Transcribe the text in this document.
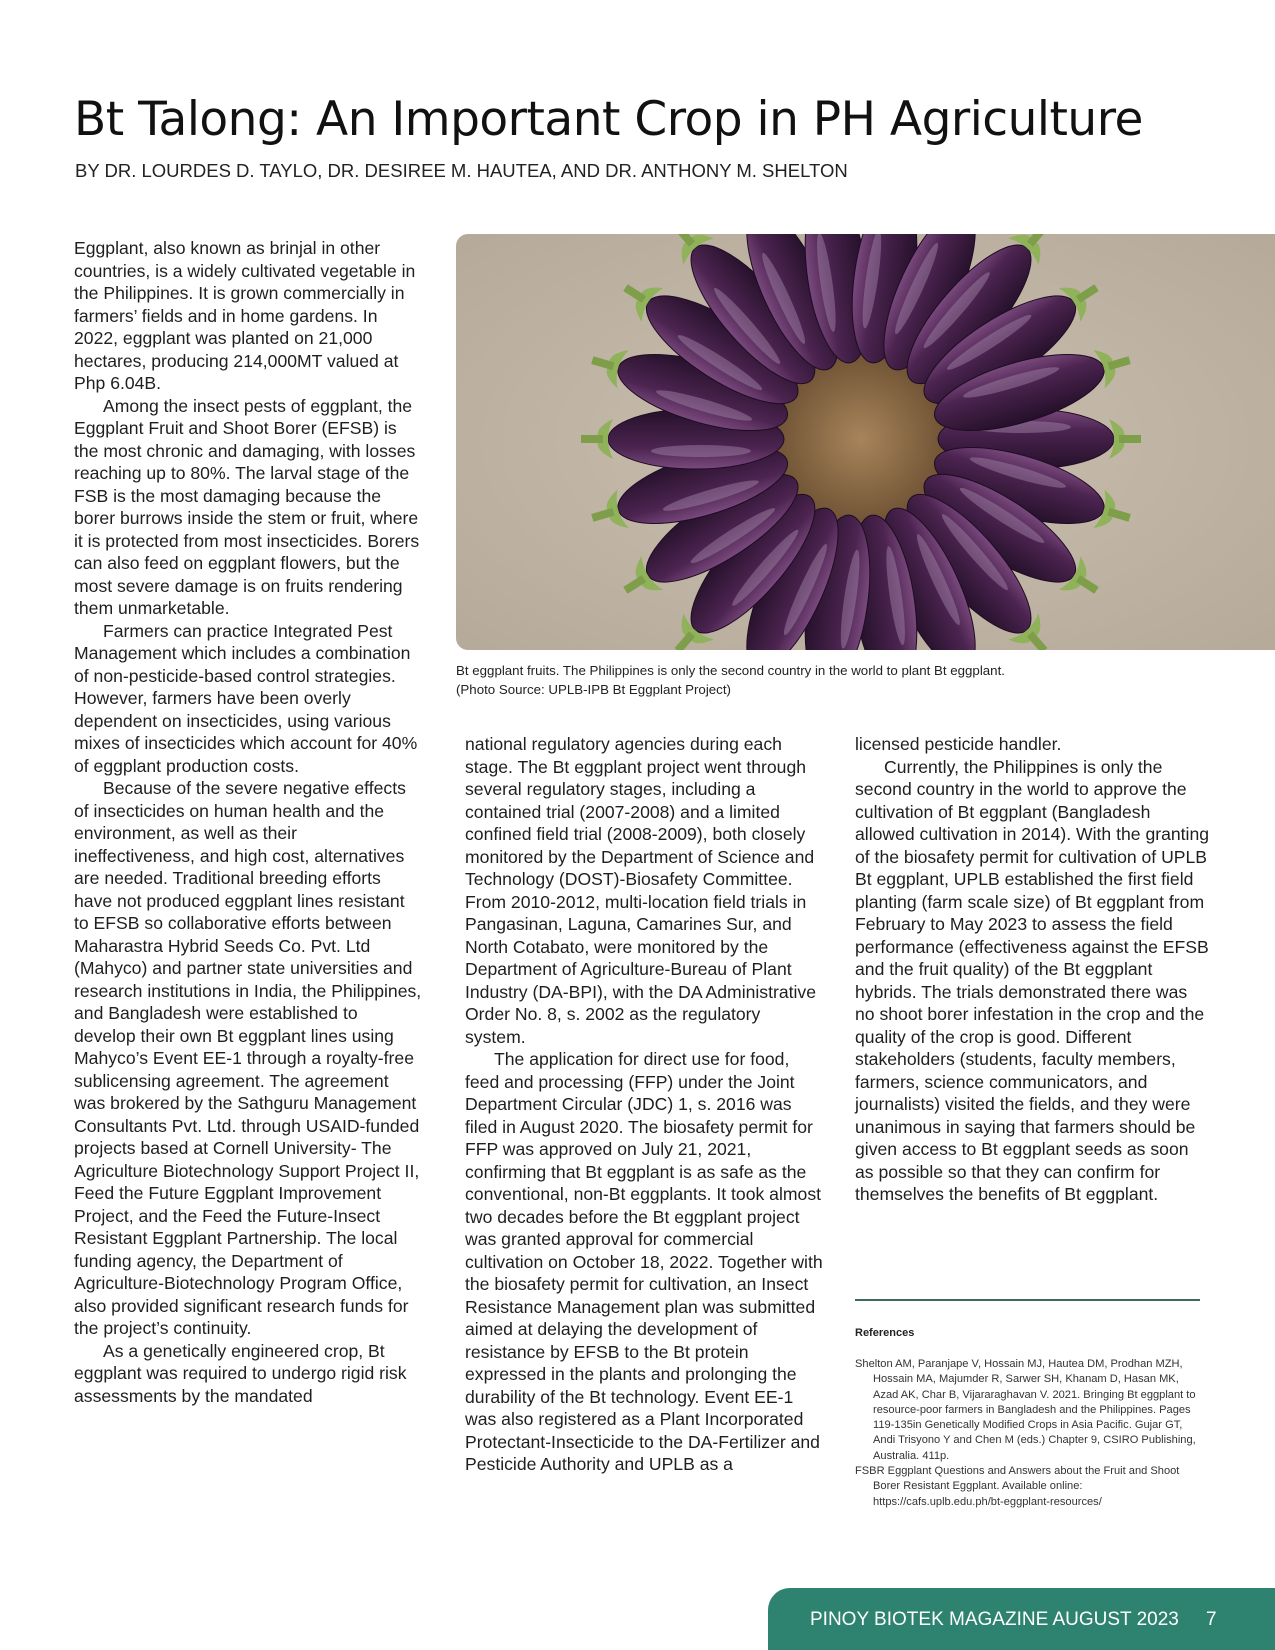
Bt Talong: An Important Crop in PH Agriculture
BY DR. LOURDES D. TAYLO, DR. DESIREE M. HAUTEA, AND DR. ANTHONY M. SHELTON

Eggplant, also known as brinjal in other countries, is a widely cultivated vegetable in the Philippines. It is grown commercially in farmers’ fields and in home gardens. In 2022, eggplant was planted on 21,000 hectares, producing 214,000MT valued at Php 6.04B.

Among the insect pests of eggplant, the Eggplant Fruit and Shoot Borer (EFSB) is the most chronic and damaging, with losses reaching up to 80%. The larval stage of the FSB is the most damaging because the borer burrows inside the stem or fruit, where it is protected from most insecticides. Borers can also feed on eggplant flowers, but the most severe damage is on fruits rendering them unmarketable.

Farmers can practice Integrated Pest Management which includes a combination of non-pesticide-based control strategies. However, farmers have been overly dependent on insecticides, using various mixes of insecticides which account for 40% of eggplant production costs.

Because of the severe negative effects of insecticides on human health and the environment, as well as their ineffectiveness, and high cost, alternatives are needed. Traditional breeding efforts have not produced eggplant lines resistant to EFSB so collaborative efforts between Maharastra Hybrid Seeds Co. Pvt. Ltd (Mahyco) and partner state universities and research institutions in India, the Philippines, and Bangladesh were established to develop their own Bt eggplant lines using Mahyco’s Event EE-1 through a royalty-free sublicensing agreement. The agreement was brokered by the Sathguru Management Consultants Pvt. Ltd. through USAID-funded projects based at Cornell University- The Agriculture Biotechnology Support Project II, Feed the Future Eggplant Improvement Project, and the Feed the Future-Insect Resistant Eggplant Partnership. The local funding agency, the Department of Agriculture-Biotechnology Program Office, also provided significant research funds for the project’s continuity.

As a genetically engineered crop, Bt eggplant was required to undergo rigid risk assessments by the mandated

Bt eggplant fruits. The Philippines is only the second country in the world to plant Bt eggplant.
(Photo Source: UPLB-IPB Bt Eggplant Project)

national regulatory agencies during each stage. The Bt eggplant project went through several regulatory stages, including a contained trial (2007-2008) and a limited confined field trial (2008-2009), both closely monitored by the Department of Science and Technology (DOST)-Biosafety Committee. From 2010-2012, multi-location field trials in Pangasinan, Laguna, Camarines Sur, and North Cotabato, were monitored by the Department of Agriculture-Bureau of Plant Industry (DA-BPI), with the DA Administrative Order No. 8, s. 2002 as the regulatory system.

The application for direct use for food, feed and processing (FFP) under the Joint Department Circular (JDC) 1, s. 2016 was filed in August 2020. The biosafety permit for FFP was approved on July 21, 2021, confirming that Bt eggplant is as safe as the conventional, non-Bt eggplants. It took almost two decades before the Bt eggplant project was granted approval for commercial cultivation on October 18, 2022. Together with the biosafety permit for cultivation, an Insect Resistance Management plan was submitted aimed at delaying the development of resistance by EFSB to the Bt protein expressed in the plants and prolonging the durability of the Bt technology. Event EE-1 was also registered as a Plant Incorporated Protectant-Insecticide to the DA-Fertilizer and Pesticide Authority and UPLB as a

licensed pesticide handler.

Currently, the Philippines is only the second country in the world to approve the cultivation of Bt eggplant (Bangladesh allowed cultivation in 2014). With the granting of the biosafety permit for cultivation of UPLB Bt eggplant, UPLB established the first field planting (farm scale size) of Bt eggplant from February to May 2023 to assess the field performance (effectiveness against the EFSB and the fruit quality) of the Bt eggplant hybrids. The trials demonstrated there was no shoot borer infestation in the crop and the quality of the crop is good. Different stakeholders (students, faculty members, farmers, science communicators, and journalists) visited the fields, and they were unanimous in saying that farmers should be given access to Bt eggplant seeds as soon as possible so that they can confirm for themselves the benefits of Bt eggplant.

References

Shelton AM, Paranjape V, Hossain MJ, Hautea DM, Prodhan MZH, Hossain MA, Majumder R, Sarwer SH, Khanam D, Hasan MK, Azad AK, Char B, Vijararaghavan V. 2021. Bringing Bt eggplant to resource-poor farmers in Bangladesh and the Philippines. Pages 119-135in Genetically Modified Crops in Asia Pacific. Gujar GT, Andi Trisyono Y and Chen M (eds.) Chapter 9, CSIRO Publishing, Australia. 411p.

FSBR Eggplant Questions and Answers about the Fruit and Shoot Borer Resistant Eggplant. Available online: https://cafs.uplb.edu.ph/bt-eggplant-resources/

PINOY BIOTEK MAGAZINE AUGUST 2023 7
